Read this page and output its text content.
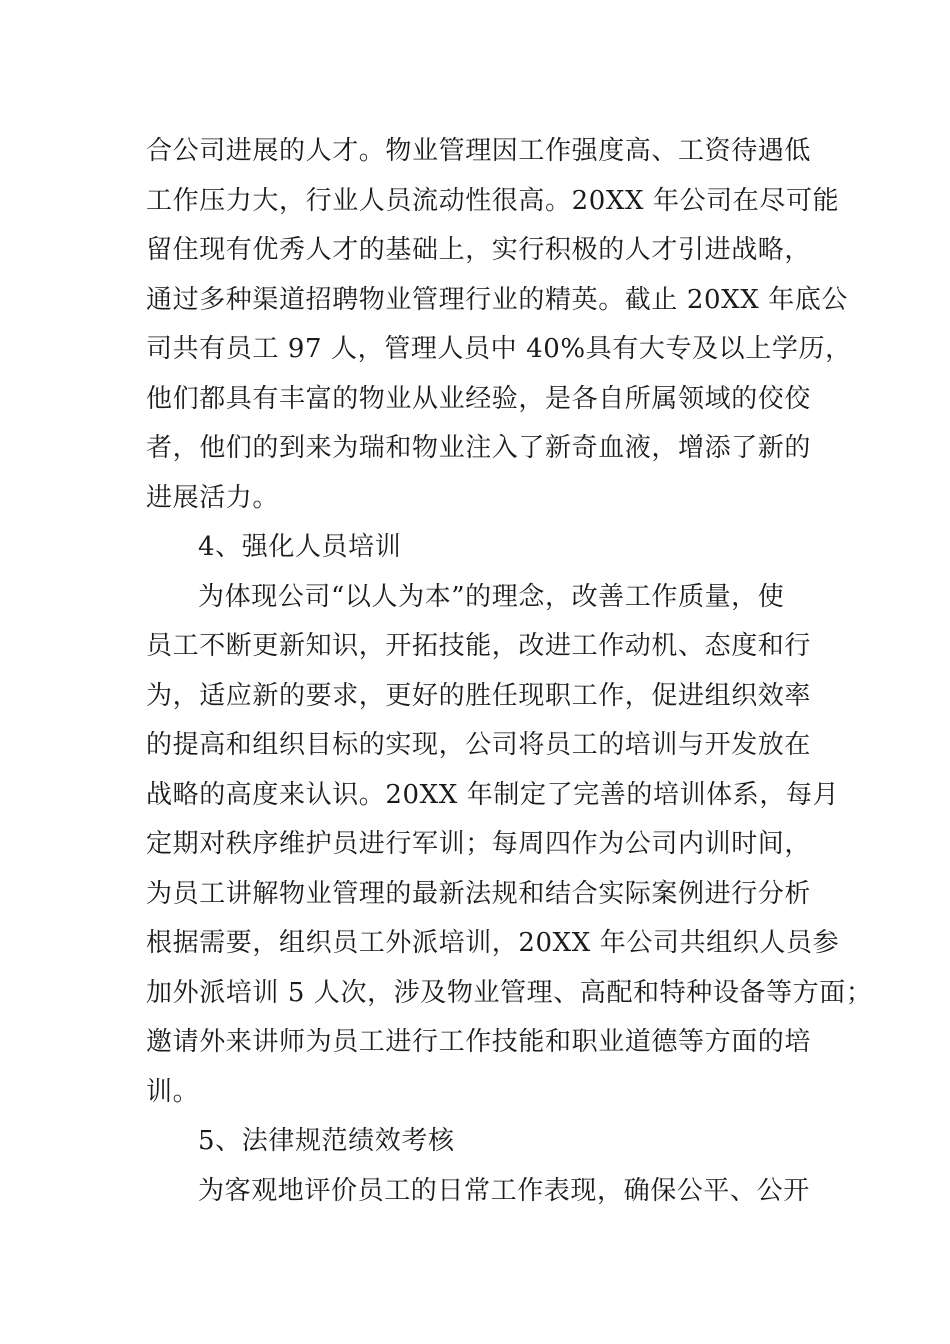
合公司进展的人才。物业管理因工作强度高、工资待遇低
工作压力大，行业人员流动性很高。20XX 年公司在尽可能
留住现有优秀人才的基础上，实行积极的人才引进战略，
通过多种渠道招聘物业管理行业的精英。截止 20XX 年底公
司共有员工 97 人，管理人员中 40%具有大专及以上学历，
他们都具有丰富的物业从业经验，是各自所属领域的佼佼
者，他们的到来为瑞和物业注入了新奇血液，增添了新的
进展活力。
4、强化人员培训
为体现公司“以人为本”的理念，改善工作质量，使
员工不断更新知识，开拓技能，改进工作动机、态度和行
为，适应新的要求，更好的胜任现职工作，促进组织效率
的提高和组织目标的实现，公司将员工的培训与开发放在
战略的高度来认识。20XX 年制定了完善的培训体系，每月
定期对秩序维护员进行军训；每周四作为公司内训时间，
为员工讲解物业管理的最新法规和结合实际案例进行分析
根据需要，组织员工外派培训，20XX 年公司共组织人员参
加外派培训 5 人次，涉及物业管理、高配和特种设备等方面；
邀请外来讲师为员工进行工作技能和职业道德等方面的培
训。
5、法律规范绩效考核
为客观地评价员工的日常工作表现，确保公平、公开
